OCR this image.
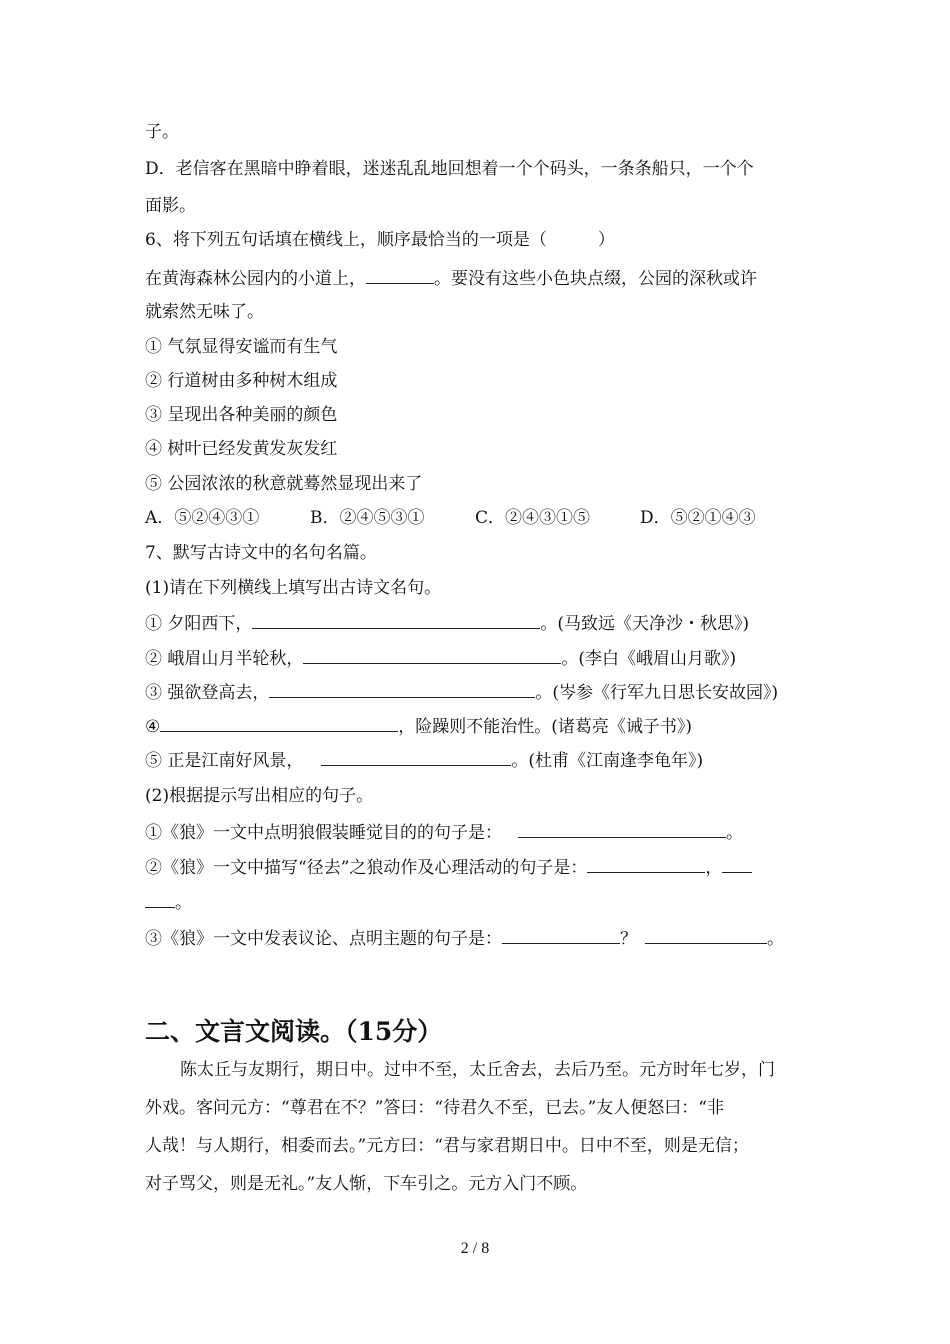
子。
D．老信客在黑暗中睁着眼，迷迷乱乱地回想着一个个码头，一条条船只，一个个
面影。
6、将下列五句话填在横线上，顺序最恰当的一项是（　　　）
在黄海森林公园内的小道上，	。要没有这些小色块点缀，公园的深秋或许
就索然无味了。
① 气氛显得安谧而有生气
② 行道树由多种树木组成
③ 呈现出各种美丽的颜色
④ 树叶已经发黄发灰发红
⑤ 公园浓浓的秋意就蓦然显现出来了
A．⑤②④③①	B．②④⑤③①	C．②④③①⑤	D．⑤②①④③
7、默写古诗文中的名句名篇。
(1)请在下列横线上填写出古诗文名句。
① 夕阳西下，	。(马致远《天净沙・秋思》)
② 峨眉山月半轮秋，	。(李白《峨眉山月歌》)
③ 强欲登高去，	。(岑参《行军九日思长安故园》)
④	，险躁则不能治性。(诸葛亮《诫子书》)
⑤ 正是江南好风景，	。(杜甫《江南逢李龟年》)
(2)根据提示写出相应的句子。
①《狼》一文中点明狼假装睡觉目的的句子是：	。
②《狼》一文中描写“径去”之狼动作及心理活动的句子是：	，
。
③《狼》一文中发表议论、点明主题的句子是：	？	。
二、文言文阅读。（15分）
陈太丘与友期行，期日中。过中不至，太丘舍去，去后乃至。元方时年七岁，门
外戏。客问元方：“尊君在不？”答曰：“待君久不至，已去。”友人便怒曰：“非
人哉！与人期行，相委而去。”元方曰：“君与家君期日中。日中不至，则是无信；
对子骂父，则是无礼。”友人惭，下车引之。元方入门不顾。
2 / 8
